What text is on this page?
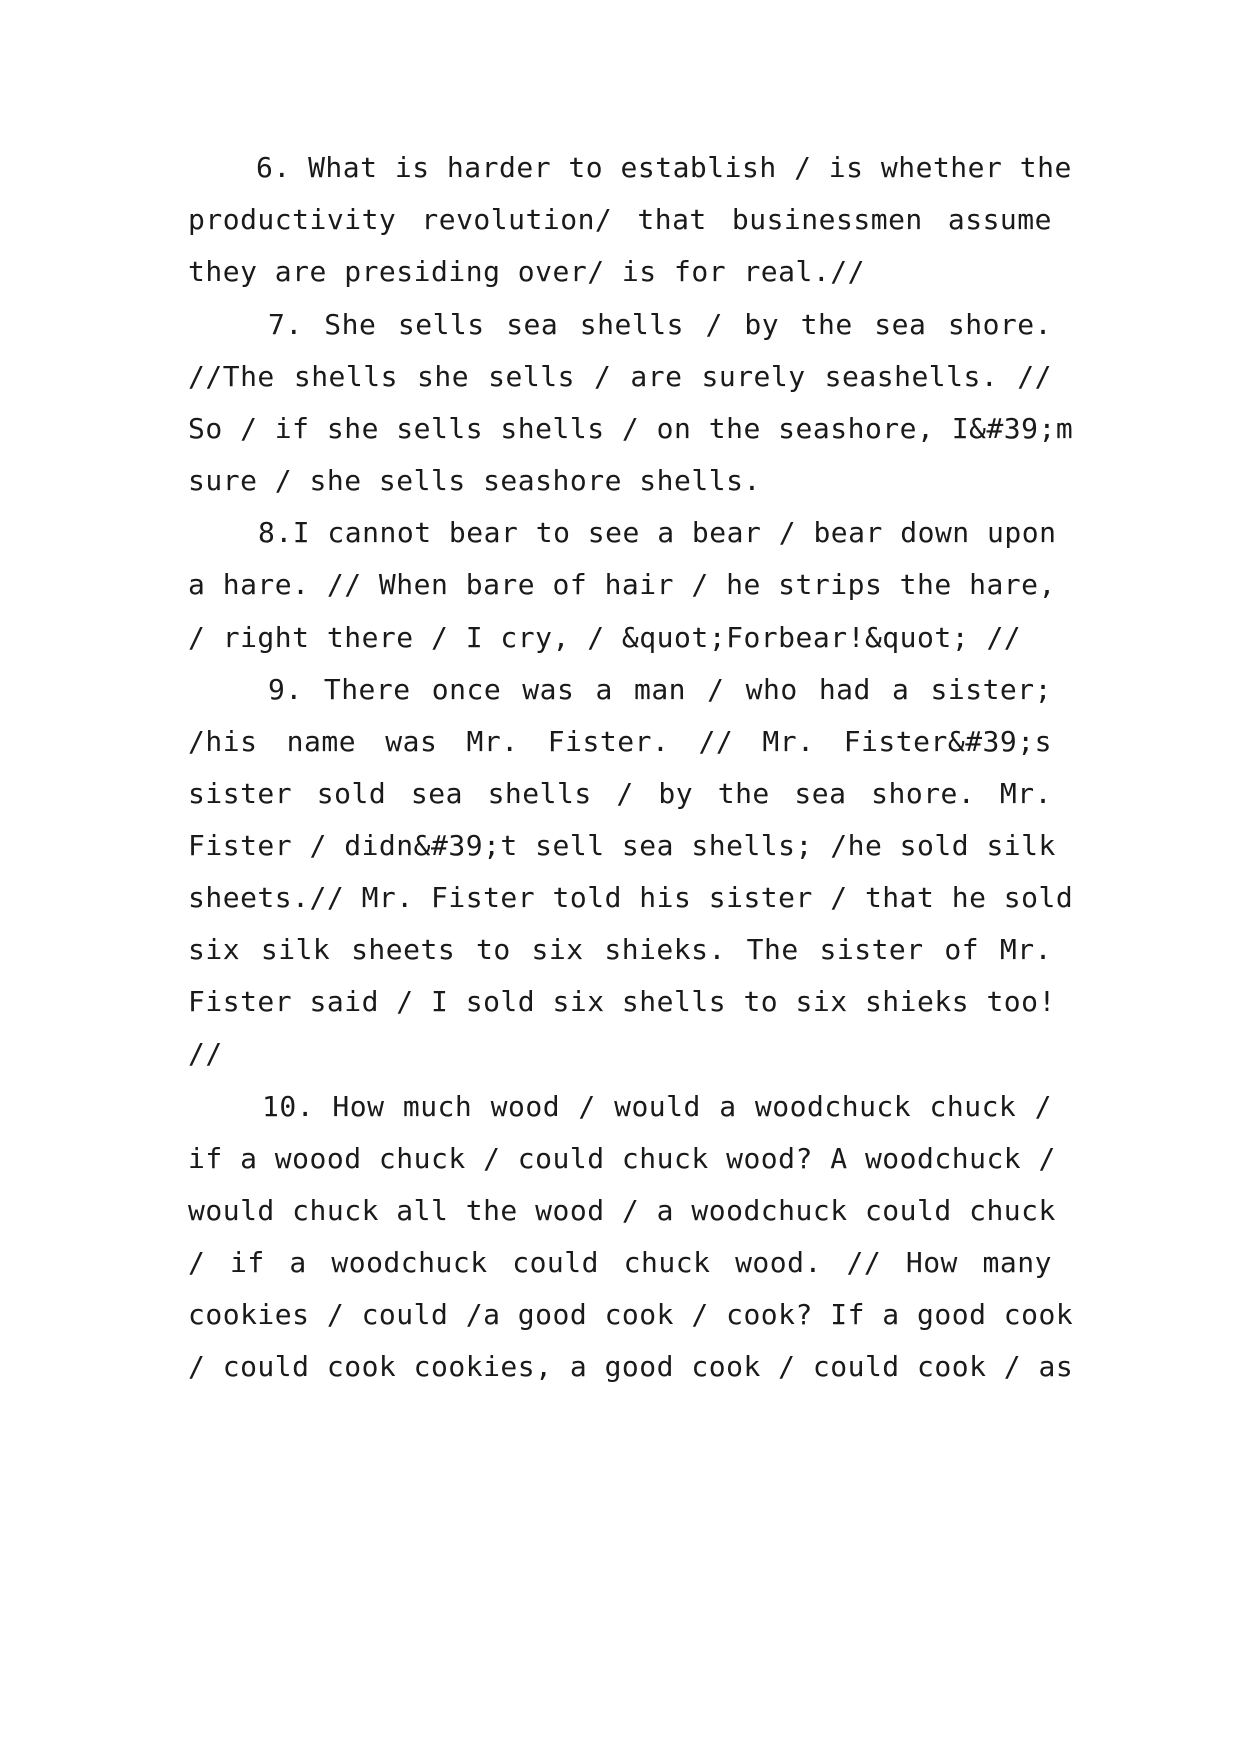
6. What is harder to establish / is whether the
productivity revolution/ that businessmen assume
they are presiding over/ is for real.//
7. She sells sea shells / by the sea shore.
//The shells she sells / are surely seashells. //
So / if she sells shells / on the seashore, I&#39;m
sure / she sells seashore shells.
8.I cannot bear to see a bear / bear down upon
a hare. // When bare of hair / he strips the hare,
/ right there / I cry, / &quot;Forbear!&quot; //
9. There once was a man / who had a sister;
/his name was Mr. Fister. // Mr. Fister&#39;s
sister sold sea shells / by the sea shore. Mr.
Fister / didn&#39;t sell sea shells; /he sold silk
sheets.// Mr. Fister told his sister / that he sold
six silk sheets to six shieks. The sister of Mr.
Fister said / I sold six shells to six shieks too!
//
10. How much wood / would a woodchuck chuck /
if a woood chuck / could chuck wood? A woodchuck /
would chuck all the wood / a woodchuck could chuck
/ if a woodchuck could chuck wood. // How many
cookies / could /a good cook / cook? If a good cook
/ could cook cookies, a good cook / could cook / as
